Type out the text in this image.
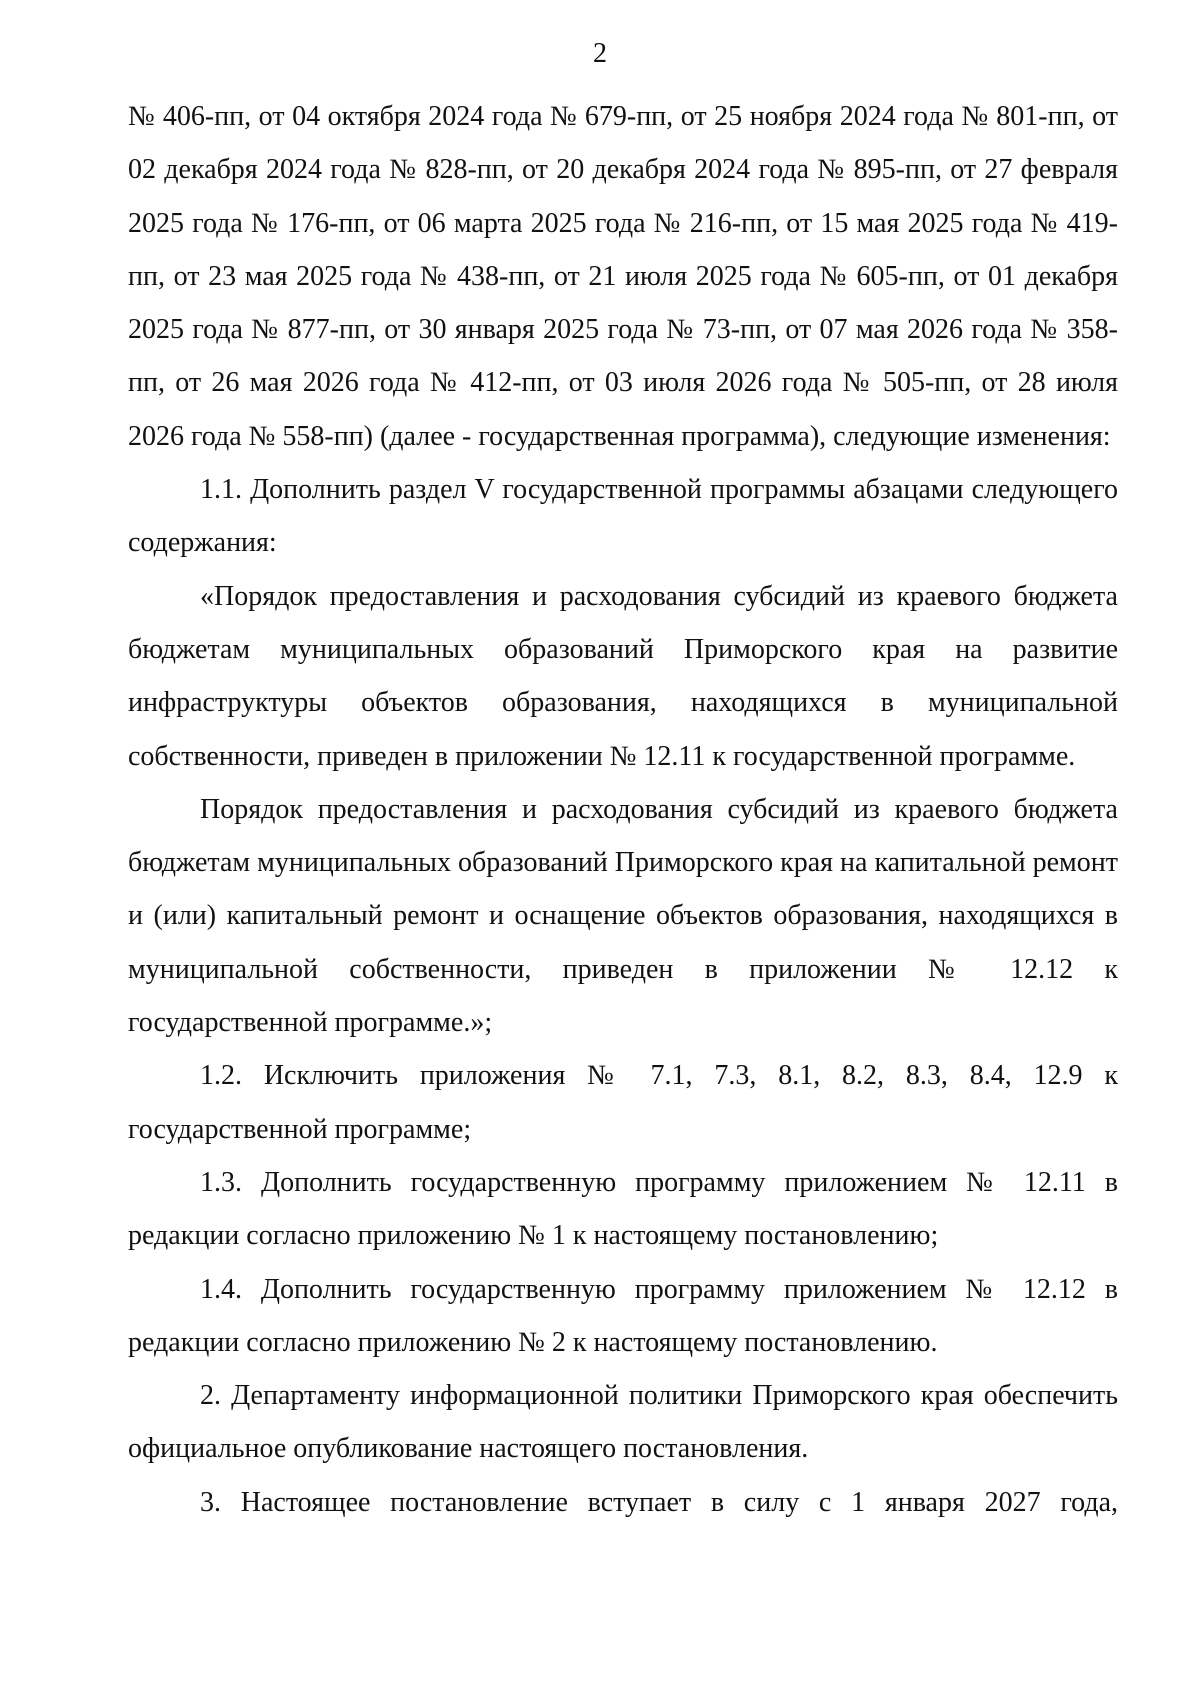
2

№ 406-пп, от 04 октября 2024 года № 679-пп, от 25 ноября 2024 года № 801-пп, от 02 декабря 2024 года № 828-пп, от 20 декабря 2024 года № 895-пп, от 27 февраля 2025 года № 176-пп, от 06 марта 2025 года № 216-пп, от 15 мая 2025 года № 419-пп, от 23 мая 2025 года № 438-пп, от 21 июля 2025 года № 605-пп, от 01 декабря 2025 года № 877-пп, от 30 января 2025 года № 73-пп, от 07 мая 2026 года № 358-пп, от 26 мая 2026 года № 412-пп, от 03 июля 2026 года № 505-пп, от 28 июля 2026 года № 558-пп) (далее - государственная программа), следующие изменения:

1.1. Дополнить раздел V государственной программы абзацами следующего содержания:

«Порядок предоставления и расходования субсидий из краевого бюджета бюджетам муниципальных образований Приморского края на развитие инфраструктуры объектов образования, находящихся в муниципальной собственности, приведен в приложении № 12.11 к государственной программе.

Порядок предоставления и расходования субсидий из краевого бюджета бюджетам муниципальных образований Приморского края на капитальной ремонт и (или) капитальный ремонт и оснащение объектов образования, находящихся в муниципальной собственности, приведен в приложении № 12.12 к государственной программе.»;

1.2. Исключить приложения № 7.1, 7.3, 8.1, 8.2, 8.3, 8.4, 12.9 к государственной программе;

1.3. Дополнить государственную программу приложением № 12.11 в редакции согласно приложению № 1 к настоящему постановлению;

1.4. Дополнить государственную программу приложением № 12.12 в редакции согласно приложению № 2 к настоящему постановлению.

2. Департаменту информационной политики Приморского края обеспечить официальное опубликование настоящего постановления.

3. Настоящее постановление вступает в силу с 1 января 2027 года,
